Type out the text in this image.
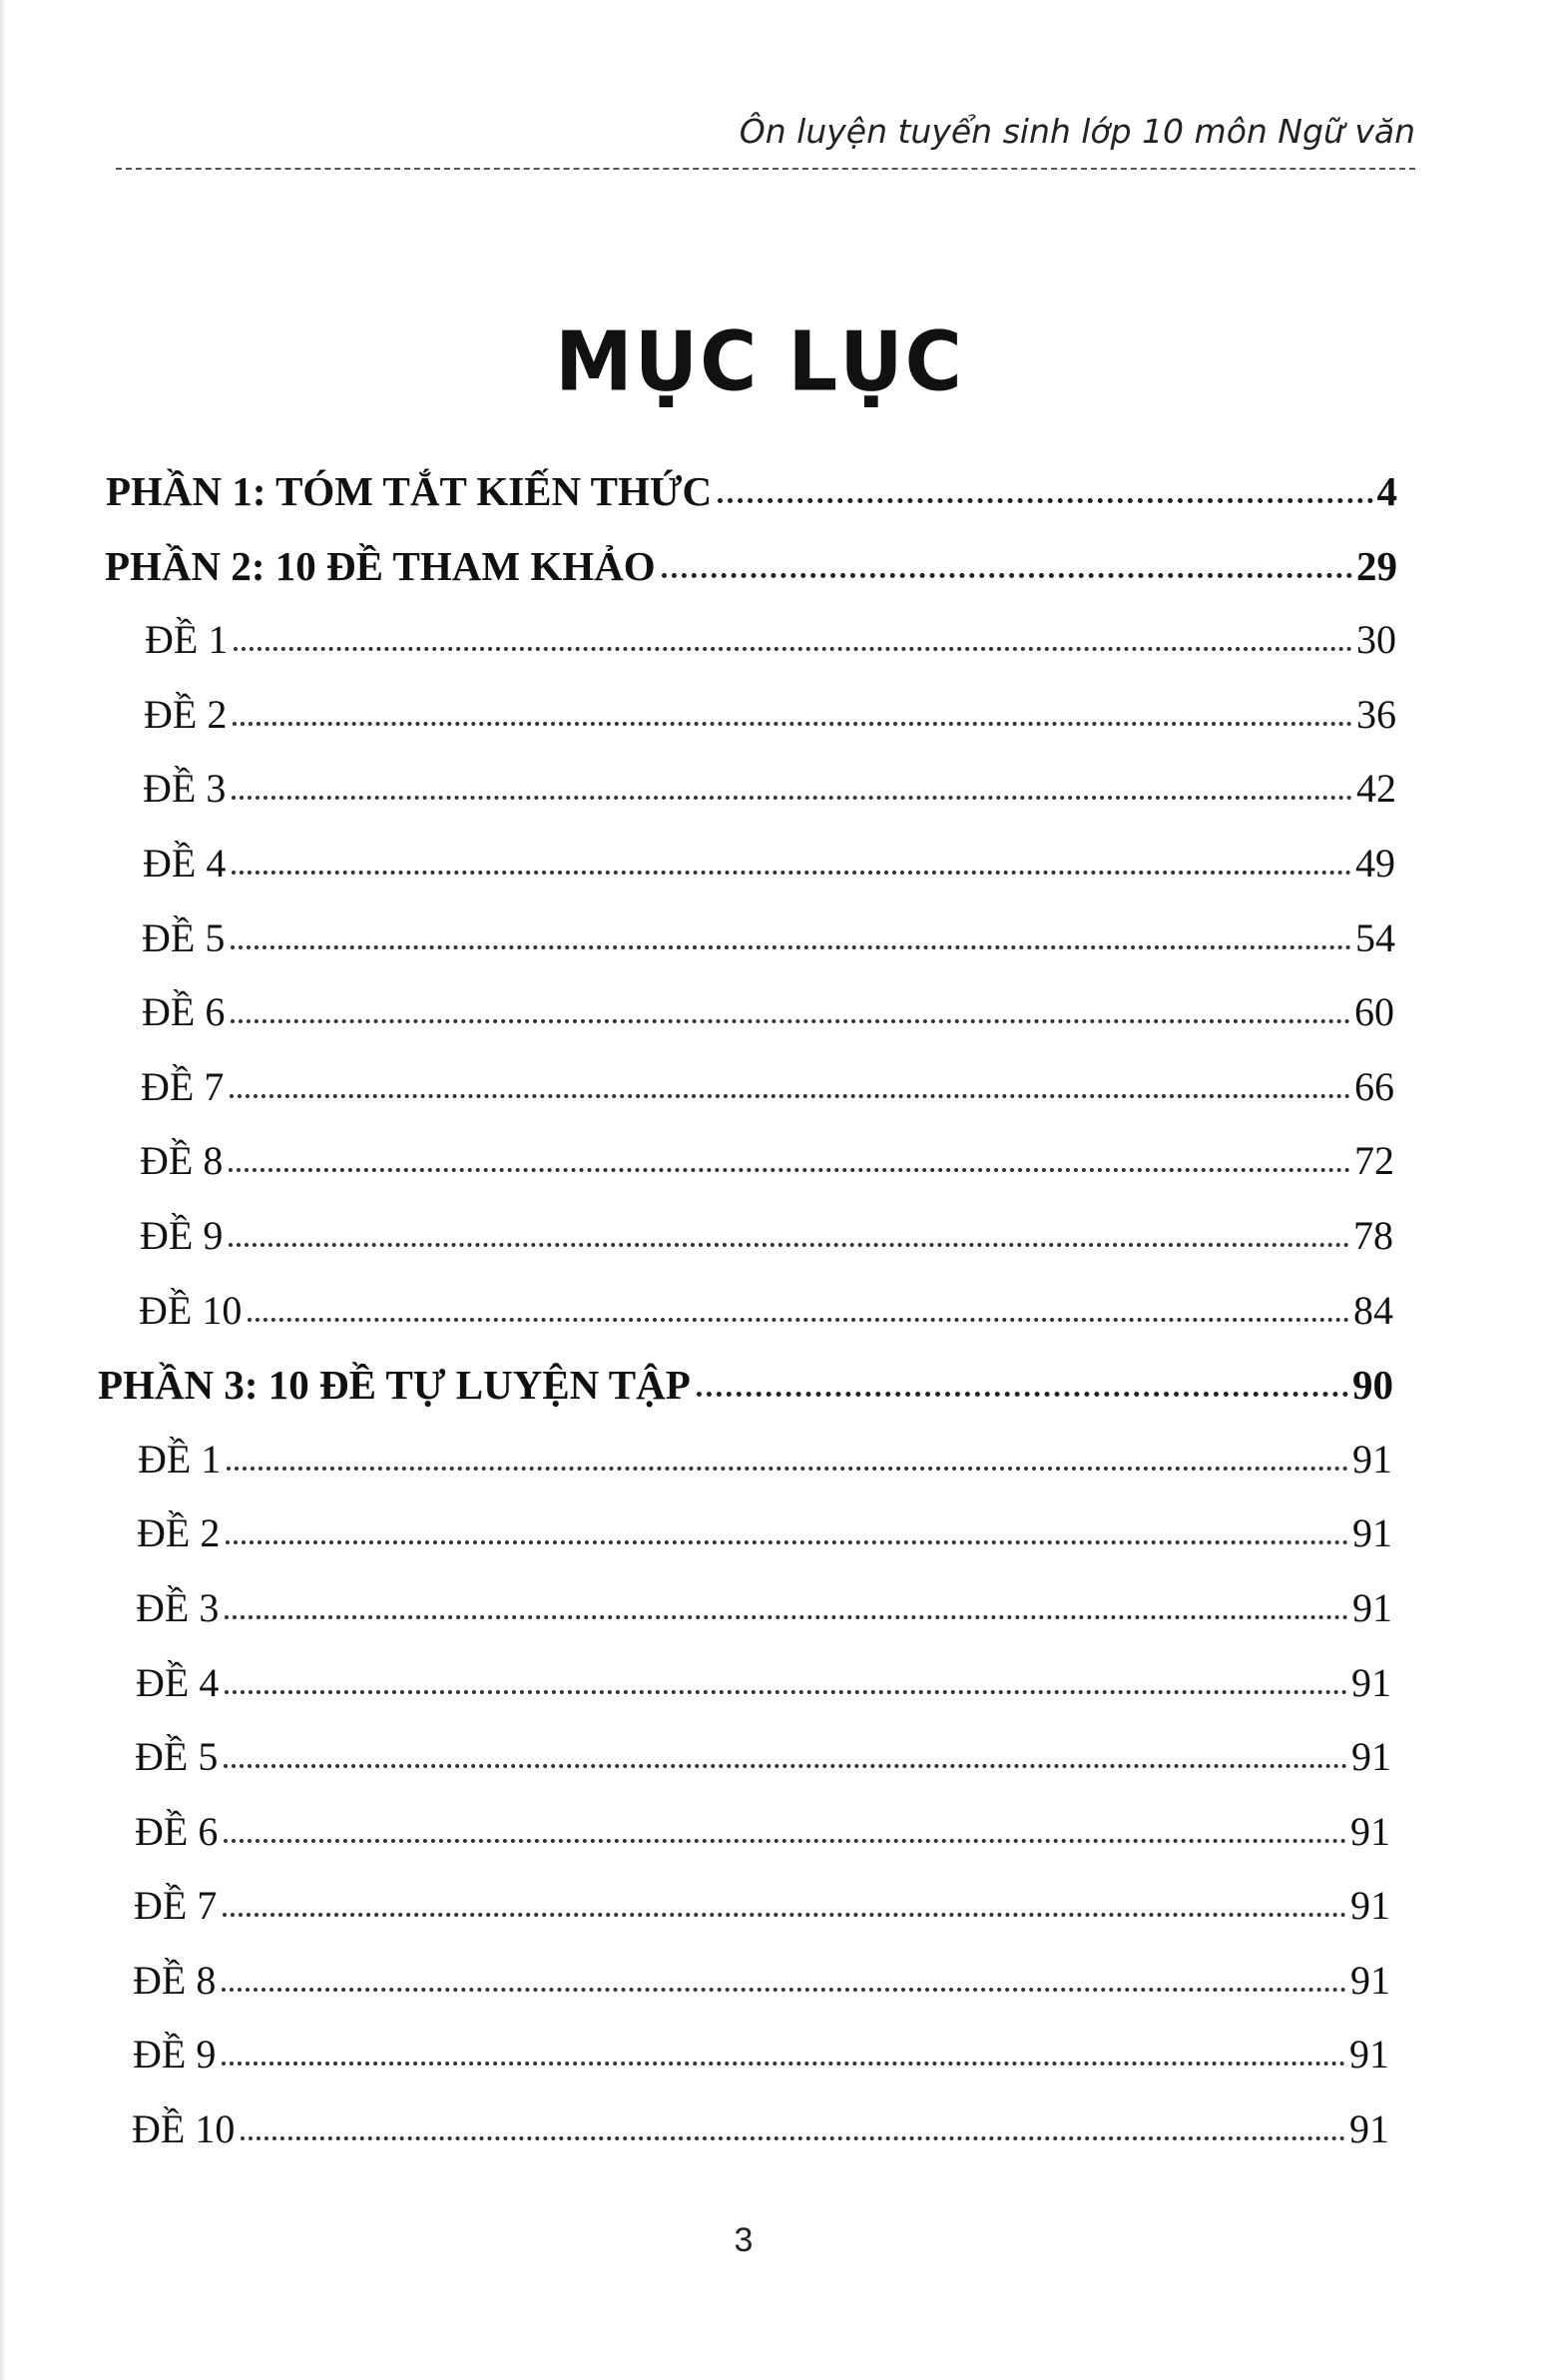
Ôn luyện tuyển sinh lớp 10 môn Ngữ văn
MỤC LỤC
PHẦN 1: TÓM TẮT KIẾN THỨC	4
PHẦN 2: 10 ĐỀ THAM KHẢO	29
ĐỀ 1	30
ĐỀ 2	36
ĐỀ 3	42
ĐỀ 4	49
ĐỀ 5	54
ĐỀ 6	60
ĐỀ 7	66
ĐỀ 8	72
ĐỀ 9	78
ĐỀ 10	84
PHẦN 3: 10 ĐỀ TỰ LUYỆN TẬP	90
ĐỀ 1	91
ĐỀ 2	91
ĐỀ 3	91
ĐỀ 4	91
ĐỀ 5	91
ĐỀ 6	91
ĐỀ 7	91
ĐỀ 8	91
ĐỀ 9	91
ĐỀ 10	91
3
